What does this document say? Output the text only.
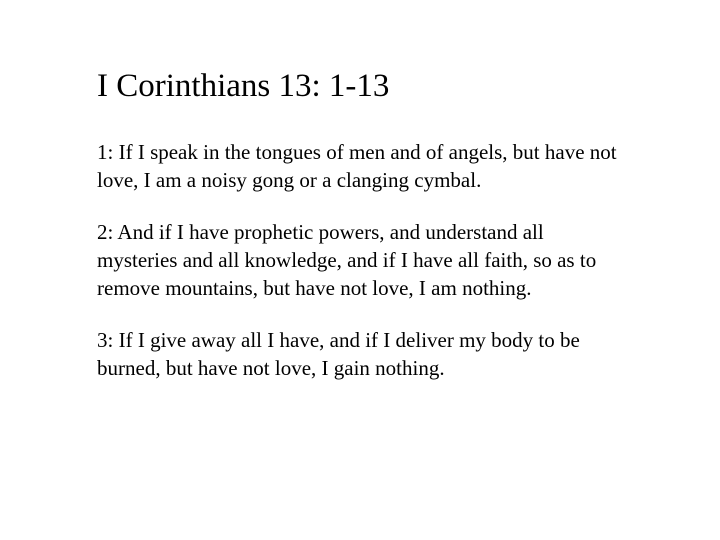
I Corinthians 13: 1-13

1: If I speak in the tongues of men and of angels, but have not love, I am a noisy gong or a clanging cymbal.

2: And if I have prophetic powers, and understand all mysteries and all knowledge, and if I have all faith, so as to remove mountains, but have not love, I am nothing.

3: If I give away all I have, and if I deliver my body to be burned, but have not love, I gain nothing.
